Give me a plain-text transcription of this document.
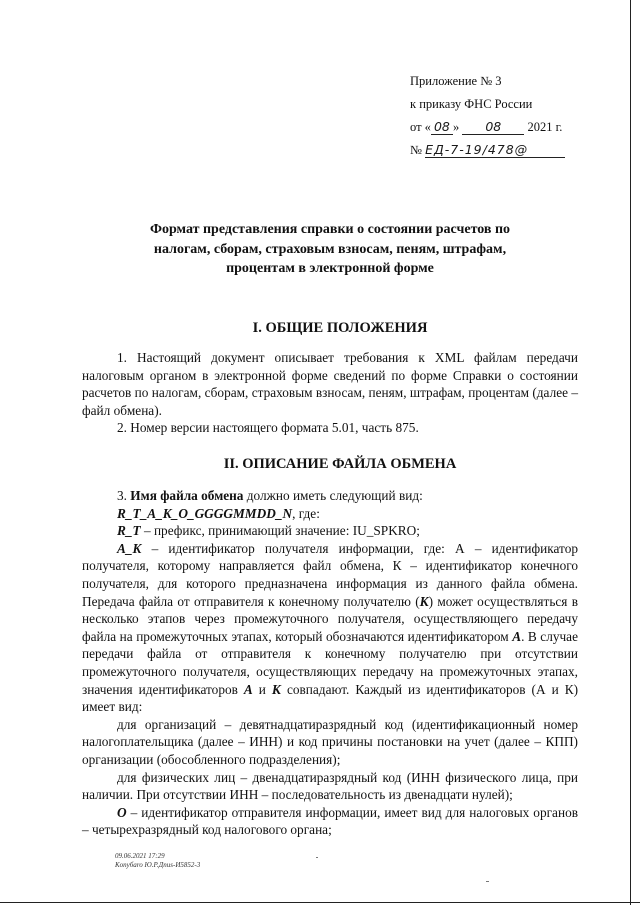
Приложение № 3
к приказу ФНС России
от « 08 » 08 2021 г.
№ ЕД-7-19/478@
Формат представления справки о состоянии расчетов по
налогам, сборам, страховым взносам, пеням, штрафам,
процентам в электронной форме
I. ОБЩИЕ ПОЛОЖЕНИЯ

1. Настоящий документ описывает требования к XML файлам передачи налоговым органом в электронной форме сведений по форме Справки о состоянии расчетов по налогам, сборам, страховым взносам, пеням, штрафам, процентам (далее – файл обмена).

2. Номер версии настоящего формата 5.01, часть 875.

II. ОПИСАНИЕ ФАЙЛА ОБМЕНА

3. Имя файла обмена должно иметь следующий вид:

R_T_A_K_O_GGGGMMDD_N, где:

R_T – префикс, принимающий значение: IU_SPKRO;

A_K – идентификатор получателя информации, где: А – идентификатор получателя, которому направляется файл обмена, К – идентификатор конечного получателя, для которого предназначена информация из данного файла обмена. Передача файла от отправителя к конечному получателю (К) может осуществляться в несколько этапов через промежуточного получателя, осуществляющего передачу файла на промежуточных этапах, который обозначаются идентификатором А. В случае передачи файла от отправителя к конечному получателю при отсутствии промежуточного получателя, осуществляющих передачу на промежуточных этапах, значения идентификаторов А и К совпадают. Каждый из идентификаторов (А и К) имеет вид:

для организаций – девятнадцатиразрядный код (идентификационный номер налогоплательщика (далее – ИНН) и код причины постановки на учет (далее – КПП) организации (обособленного подразделения);

для физических лиц – двенадцатиразрядный код (ИНН физического лица, при наличии. При отсутствии ИНН – последовательность из двенадцати нулей);

О – идентификатор отправителя информации, имеет вид для налоговых органов – четырехразрядный код налогового органа;

09.06.2021 17:29
Konyбaro Ю.Р.Дпus-И5852-3
